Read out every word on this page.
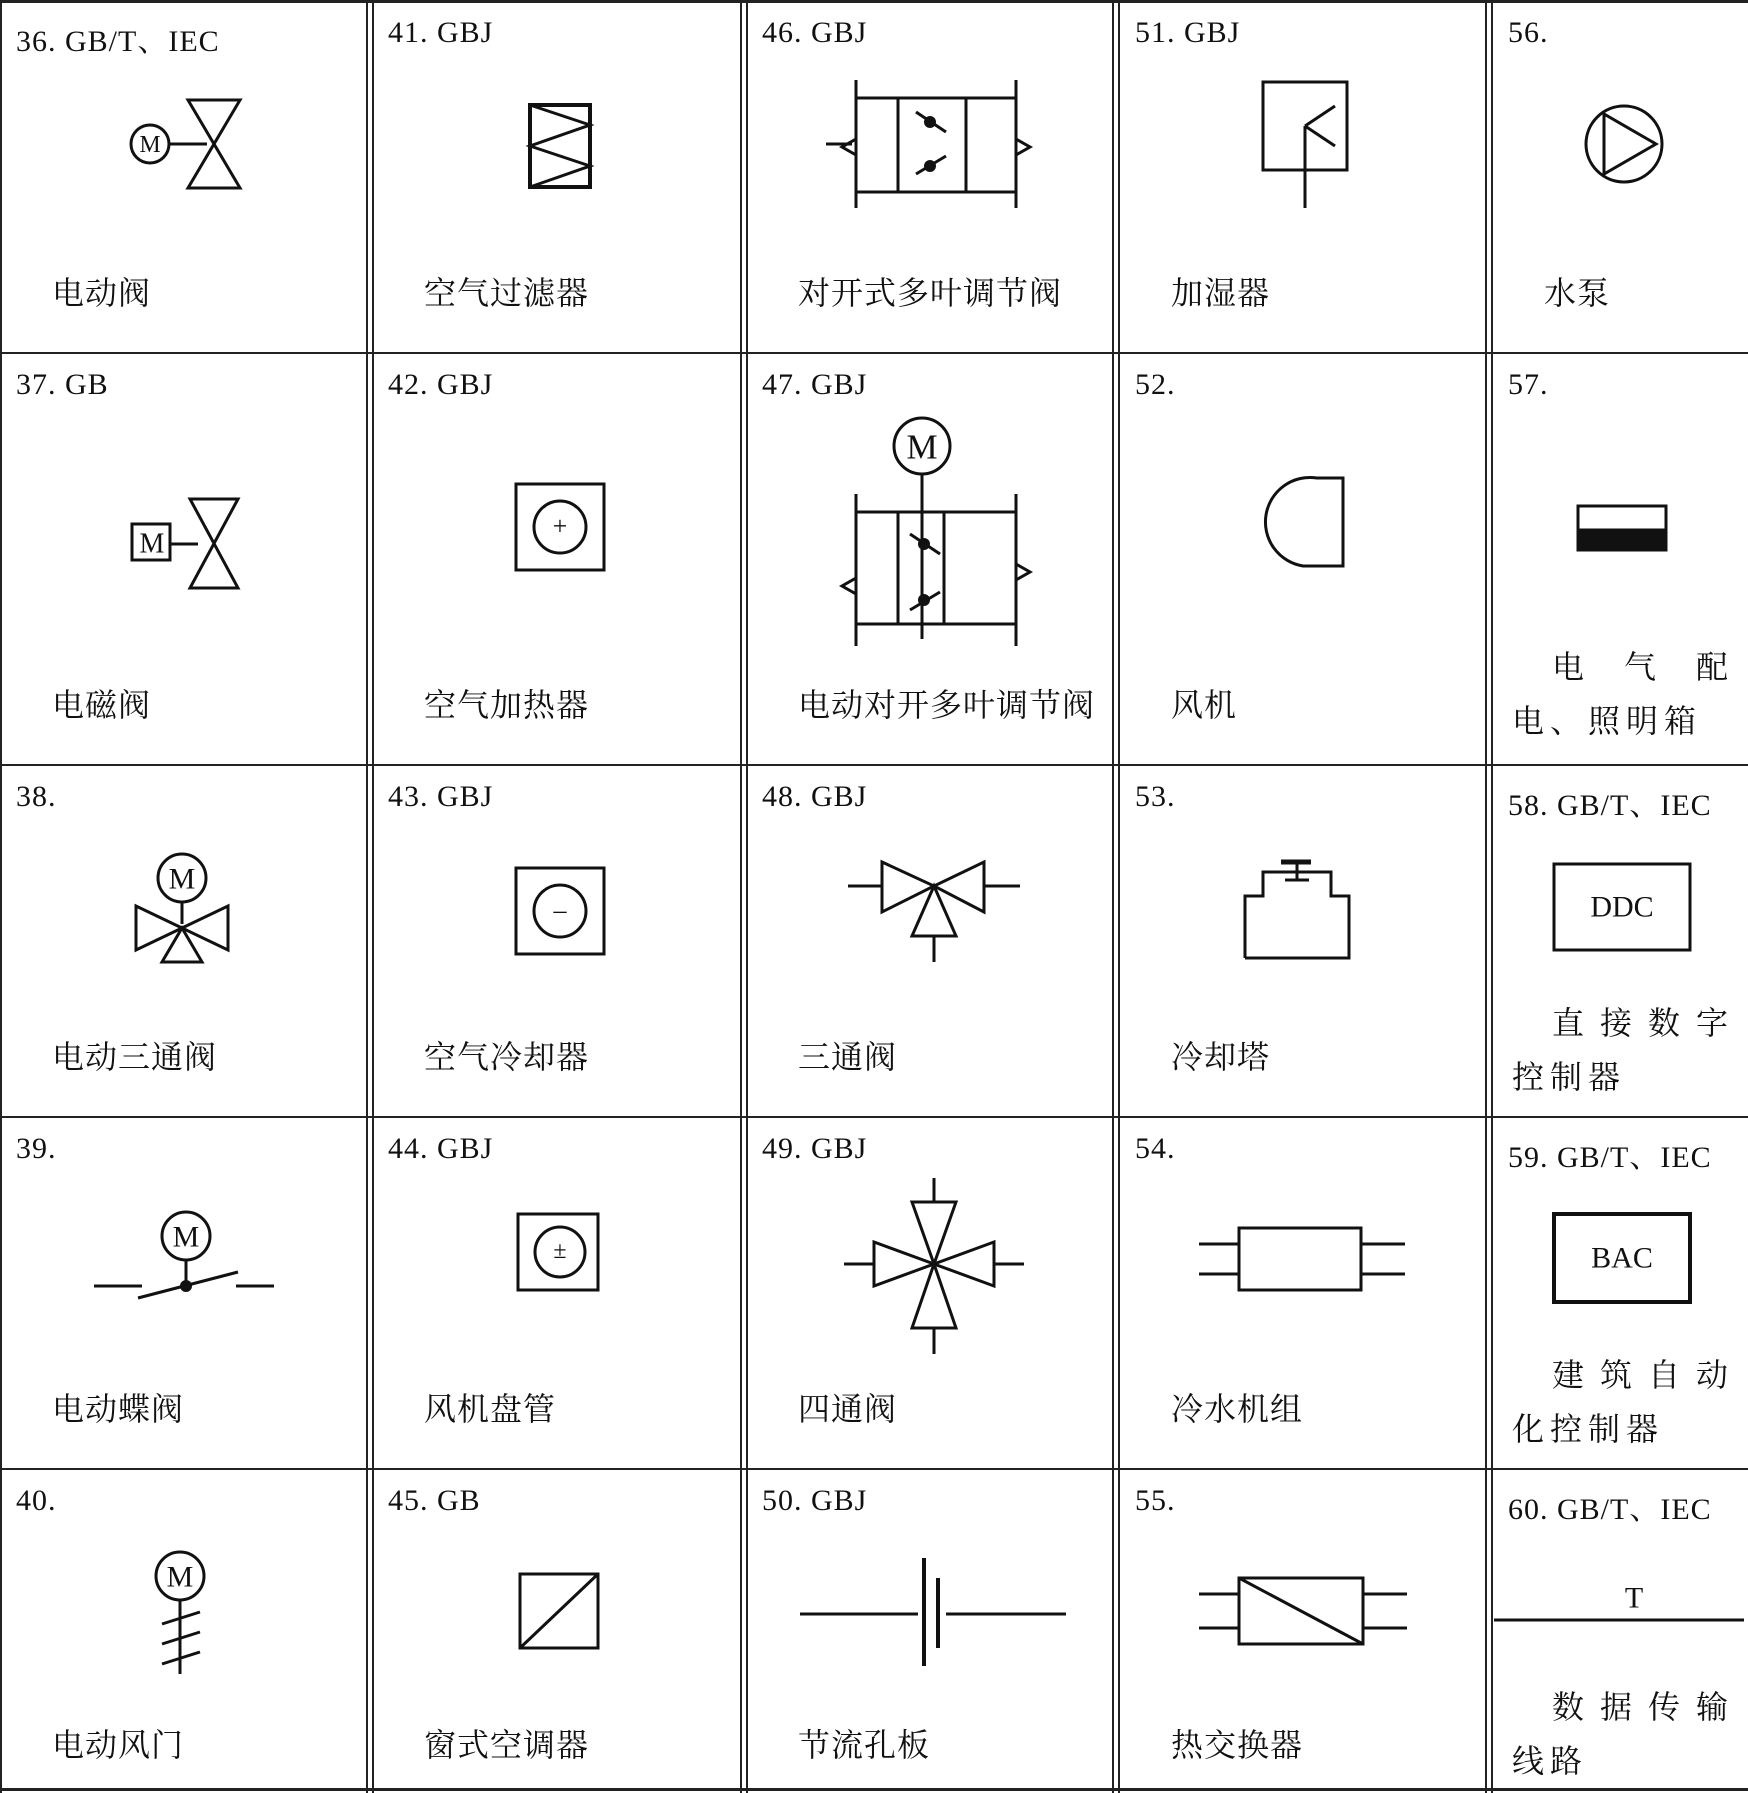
36. GB/T、IEC
M
电动阀
41. GBJ
空气过滤器
46. GBJ
对开式多叶调节阀
51. GBJ
加湿器
56.
水泵
37. GB
M
电磁阀
42. GBJ
+
空气加热器
47. GBJ
M
电动对开多叶调节阀
52.
风机
57.
电气配电、照明箱
38.
M
电动三通阀
43. GBJ
–
空气冷却器
48. GBJ
三通阀
53.
冷却塔
58. GB/T、IEC
DDC
直接数字控制器
39.
M
电动蝶阀
44. GBJ
±
风机盘管
49. GBJ
四通阀
54.
冷水机组
59. GB/T、IEC
BAC
建筑自动化控制器
40.
M
电动风门
45. GB
窗式空调器
50. GBJ
节流孔板
55.
热交换器
60. GB/T、IEC
T
数据传输线路
